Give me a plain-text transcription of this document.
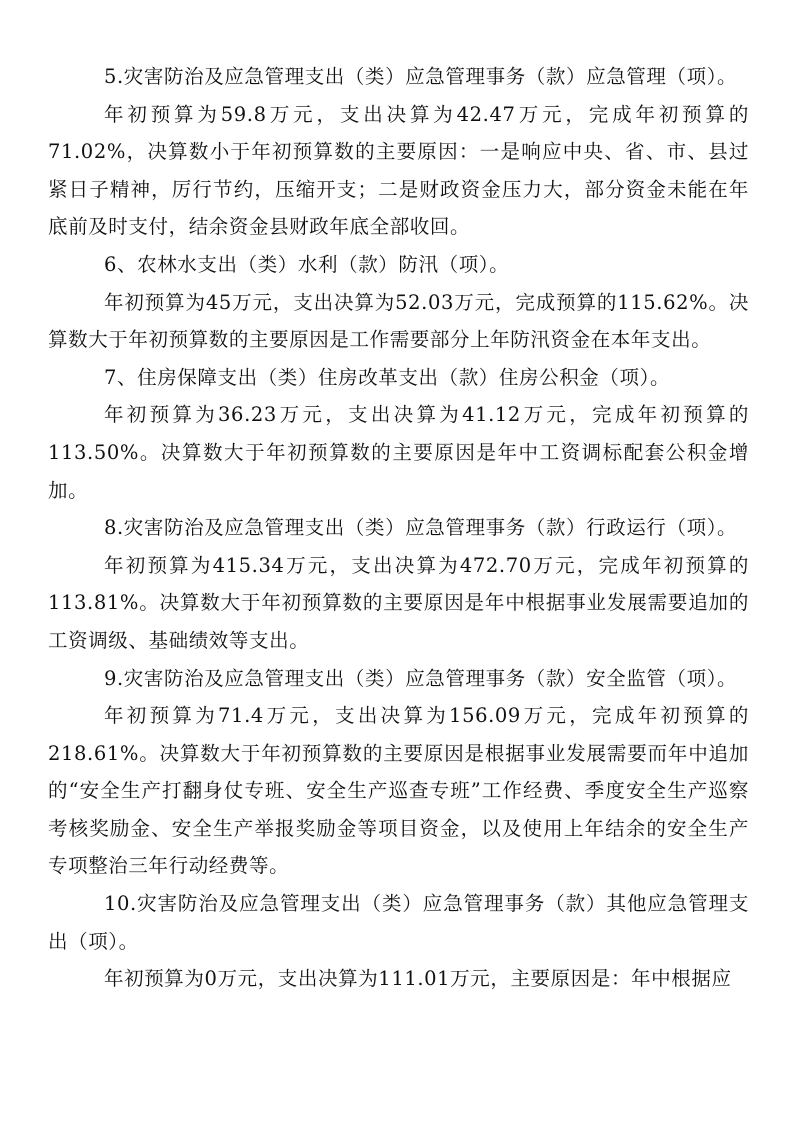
5.灾害防治及应急管理支出（类）应急管理事务（款）应急管理（项）。

年初预算为59.8万元，支出决算为42.47万元，完成年初预算的71.02%，决算数小于年初预算数的主要原因：一是响应中央、省、市、县过紧日子精神，厉行节约，压缩开支；二是财政资金压力大，部分资金未能在年底前及时支付，结余资金县财政年底全部收回。

6、农林水支出（类）水利（款）防汛（项）。

年初预算为45万元，支出决算为52.03万元，完成预算的115.62%。决算数大于年初预算数的主要原因是工作需要部分上年防汛资金在本年支出。

7、住房保障支出（类）住房改革支出（款）住房公积金（项）。

年初预算为36.23万元，支出决算为41.12万元，完成年初预算的113.50%。决算数大于年初预算数的主要原因是年中工资调标配套公积金增加。

8.灾害防治及应急管理支出（类）应急管理事务（款）行政运行（项）。

年初预算为415.34万元，支出决算为472.70万元，完成年初预算的113.81%。决算数大于年初预算数的主要原因是年中根据事业发展需要追加的工资调级、基础绩效等支出。

9.灾害防治及应急管理支出（类）应急管理事务（款）安全监管（项）。

年初预算为71.4万元，支出决算为156.09万元，完成年初预算的218.61%。决算数大于年初预算数的主要原因是根据事业发展需要而年中追加的“安全生产打翻身仗专班、安全生产巡查专班”工作经费、季度安全生产巡察考核奖励金、安全生产举报奖励金等项目资金，以及使用上年结余的安全生产专项整治三年行动经费等。

10.灾害防治及应急管理支出（类）应急管理事务（款）其他应急管理支出（项）。

年初预算为0万元，支出决算为111.01万元，主要原因是：年中根据应
